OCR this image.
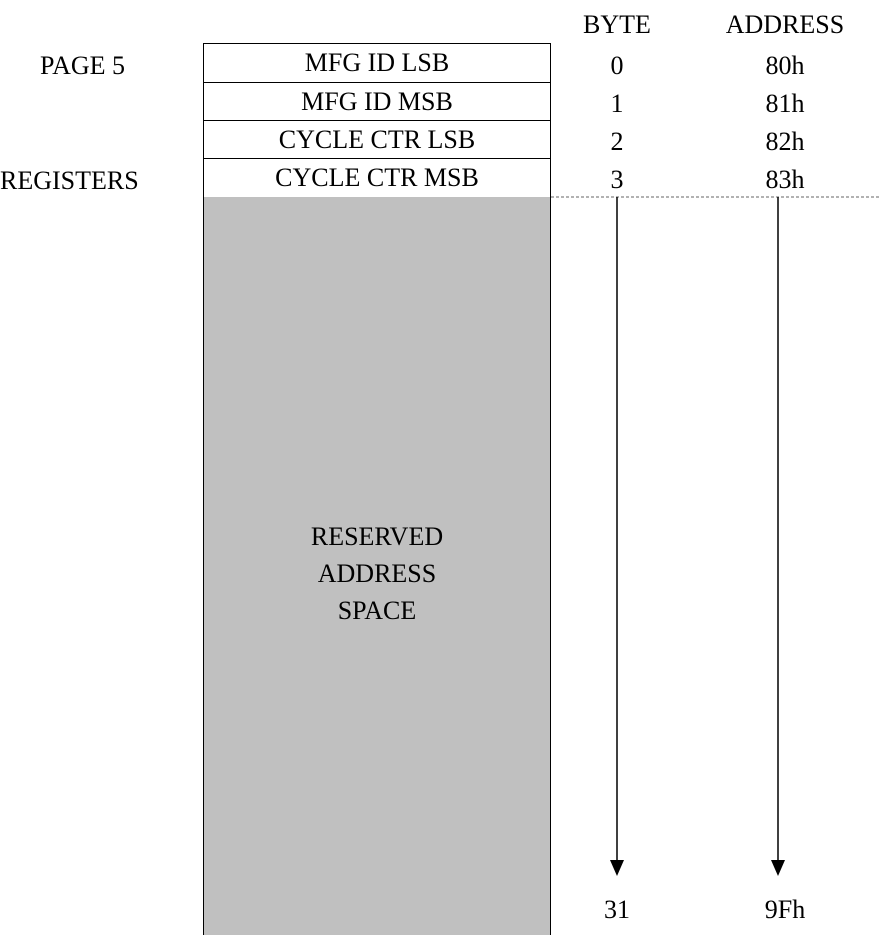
BYTE	ADDRESS
PAGE 5
REGISTERS
MFG ID LSB
MFG ID MSB
CYCLE CTR LSB
CYCLE CTR MSB
RESERVED
ADDRESS
SPACE
0
1
2
3
31
80h
81h
82h
83h
9Fh
